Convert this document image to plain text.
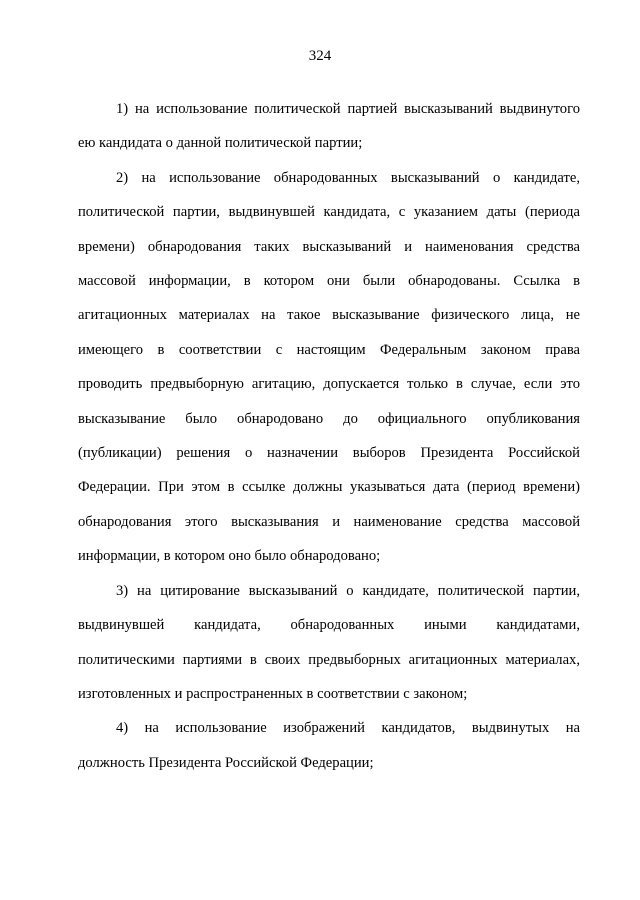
324
1) на использование политической партией высказываний выдвинутого
ею кандидата о данной политической партии;
2) на использование обнародованных высказываний о кандидате,
политической партии, выдвинувшей кандидата, с указанием даты (периода
времени) обнародования таких высказываний и наименования средства
массовой информации, в котором они были обнародованы. Ссылка в
агитационных материалах на такое высказывание физического лица, не
имеющего в соответствии с настоящим Федеральным законом права
проводить предвыборную агитацию, допускается только в случае, если это
высказывание было обнародовано до официального опубликования
(публикации) решения о назначении выборов Президента Российской
Федерации. При этом в ссылке должны указываться дата (период времени)
обнародования этого высказывания и наименование средства массовой
информации, в котором оно было обнародовано;
3) на цитирование высказываний о кандидате, политической партии,
выдвинувшей кандидата, обнародованных иными кандидатами,
политическими партиями в своих предвыборных агитационных материалах,
изготовленных и распространенных в соответствии с законом;
4) на использование изображений кандидатов, выдвинутых на
должность Президента Российской Федерации;
